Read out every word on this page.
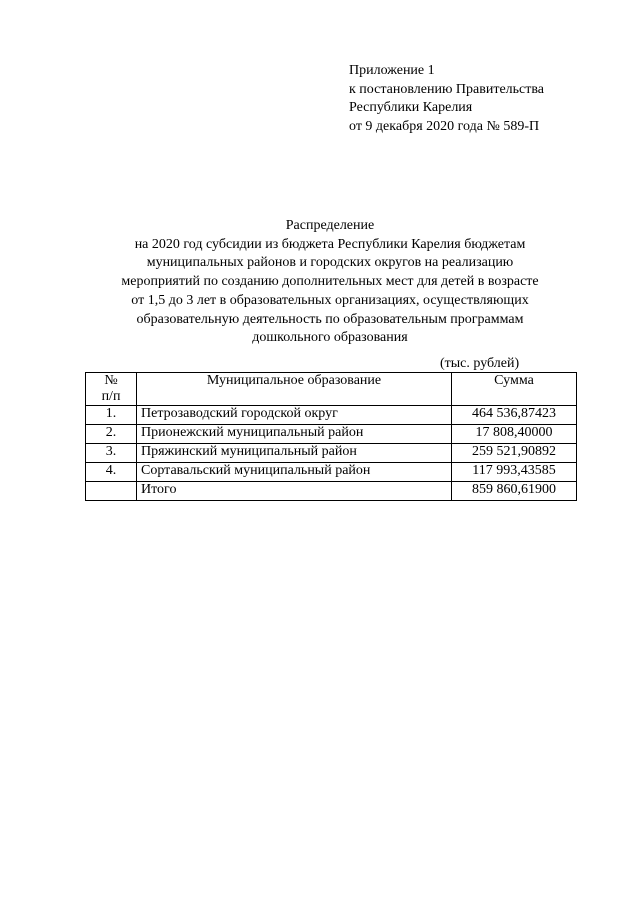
Приложение 1
к постановлению Правительства
Республики Карелия
от 9 декабря 2020 года № 589-П
Распределение
на 2020 год субсидии из бюджета Республики Карелия бюджетам
муниципальных районов и городских округов на реализацию
мероприятий по созданию дополнительных мест для детей в возрасте
от 1,5 до 3 лет в образовательных организациях, осуществляющих
образовательную деятельность по образовательным программам
дошкольного образования
(тыс. рублей)
№
п/п	Муниципальное образование	Сумма
1.	Петрозаводский городской округ	464 536,87423
2.	Прионежский муниципальный район	17 808,40000
3.	Пряжинский муниципальный район	259 521,90892
4.	Сортавальский муниципальный район	117 993,43585
	Итого	859 860,61900
